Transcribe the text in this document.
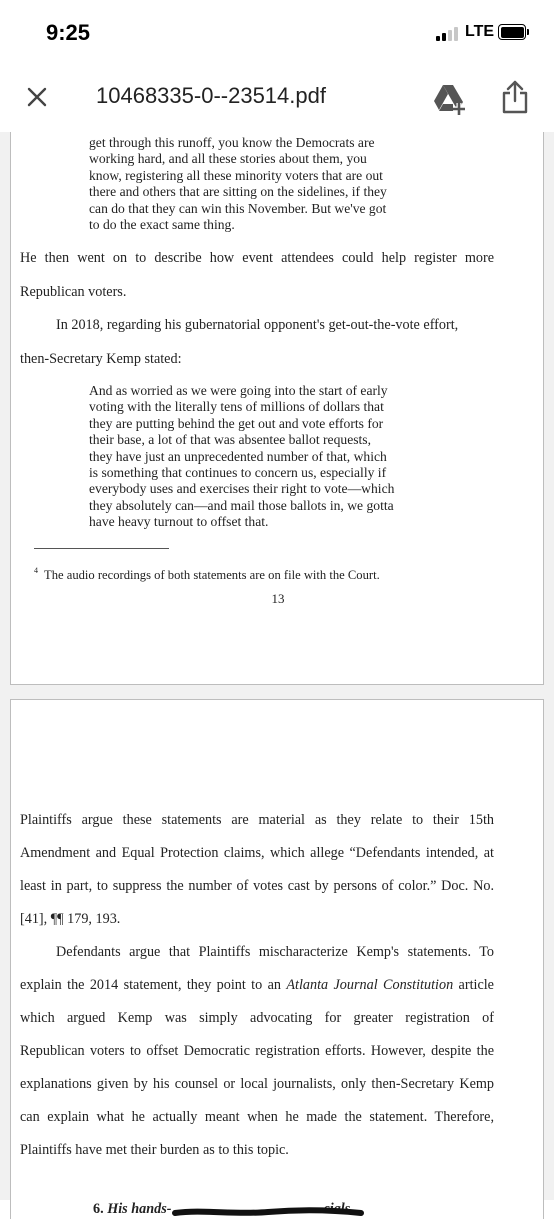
9:25	LTE
10468335-0--23514.pdf
get through this runoff, you know the Democrats are
working hard, and all these stories about them, you
know, registering all these minority voters that are out
there and others that are sitting on the sidelines, if they
can do that they can win this November. But we've got
to do the exact same thing.
He then went on to describe how event attendees could help register more
Republican voters.
In 2018, regarding his gubernatorial opponent's get-out-the-vote effort,
then-Secretary Kemp stated:
And as worried as we were going into the start of early
voting with the literally tens of millions of dollars that
they are putting behind the get out and vote efforts for
their base, a lot of that was absentee ballot requests,
they have just an unprecedented number of that, which
is something that continues to concern us, especially if
everybody uses and exercises their right to vote—which
they absolutely can—and mail those ballots in, we gotta
have heavy turnout to offset that.
$^4$ The audio recordings of both statements are on file with the Court.
13
Plaintiffs argue these statements are material as they relate to their 15th
Amendment and Equal Protection claims, which allege “Defendants intended, at
least in part, to suppress the number of votes cast by persons of color.” Doc. No.
[41], ¶¶ 179, 193.
Defendants argue that Plaintiffs mischaracterize Kemp's statements. To
explain the 2014 statement, they point to an Atlanta Journal Constitution article
which argued Kemp was simply advocating for greater registration of
Republican voters to offset Democratic registration efforts. However, despite the
explanations given by his counsel or local journalists, only then-Secretary Kemp
can explain what he actually meant when he made the statement. Therefore,
Plaintiffs have met their burden as to this topic.
6. His hands-	cials
